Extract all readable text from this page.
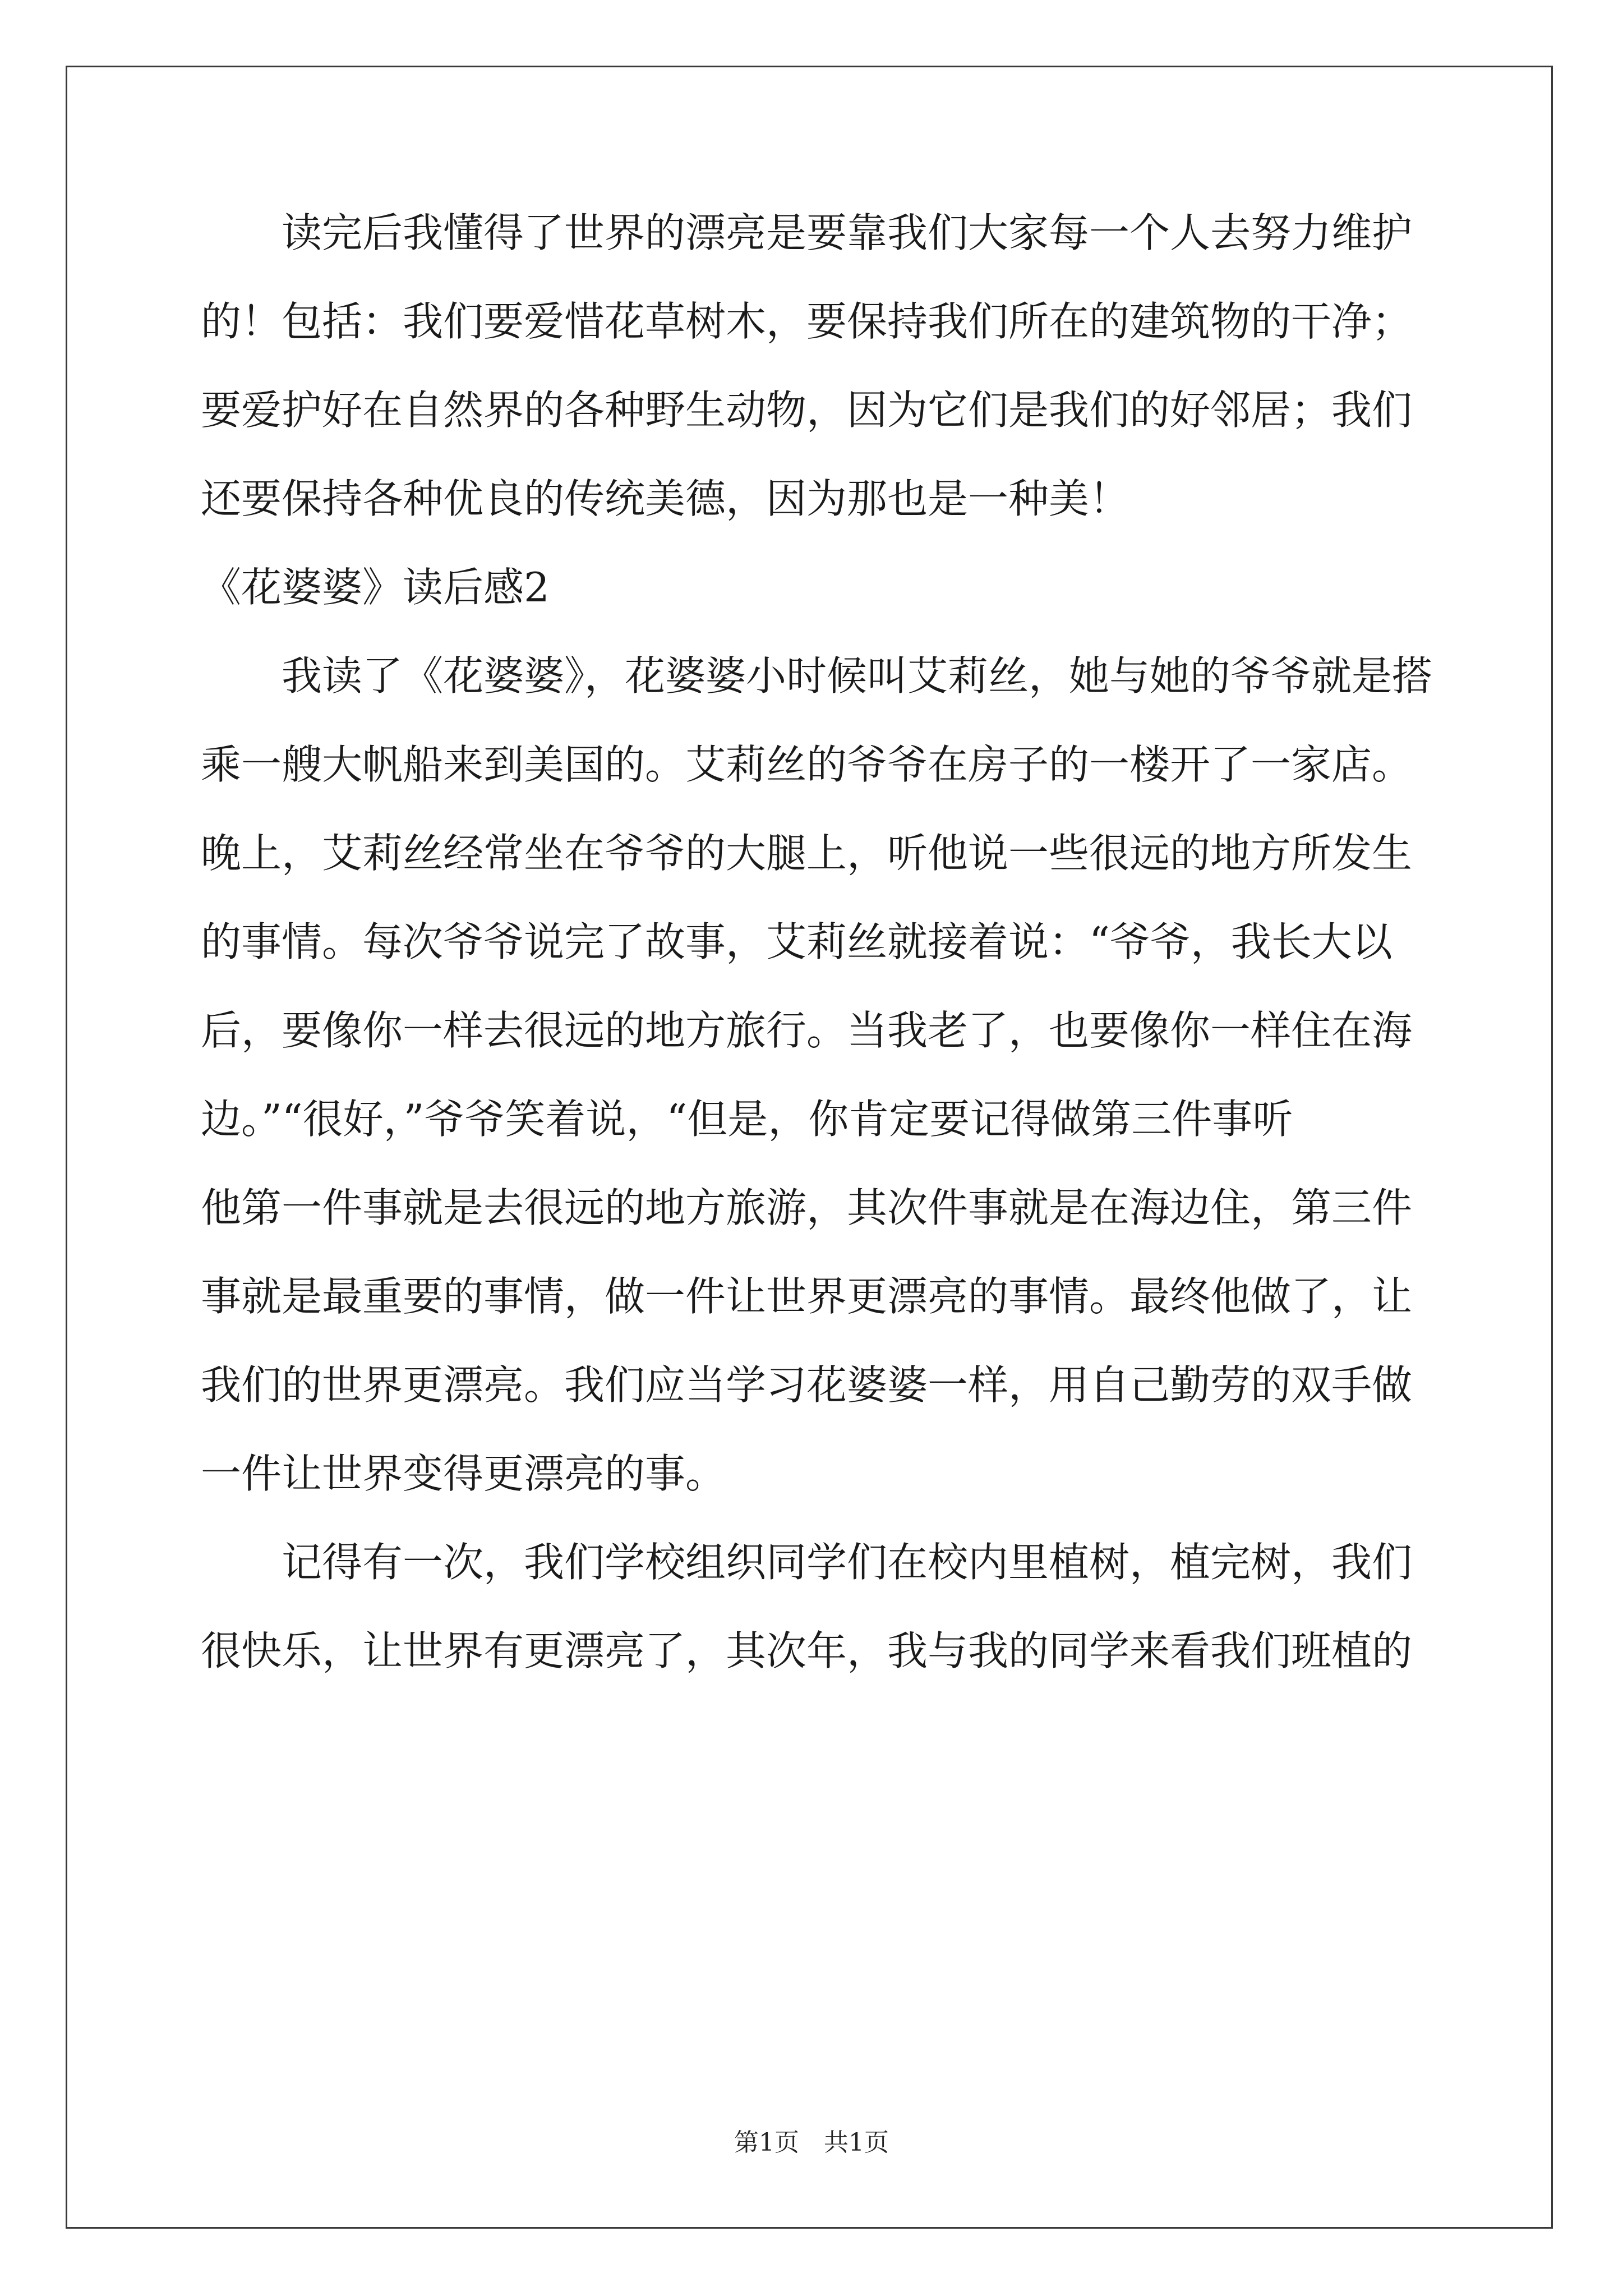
　　读完后我懂得了世界的漂亮是要靠我们大家每一个人去努力维护
的！包括：我们要爱惜花草树木，要保持我们所在的建筑物的干净；
要爱护好在自然界的各种野生动物，因为它们是我们的好邻居；我们
还要保持各种优良的传统美德，因为那也是一种美！
《花婆婆》读后感2
　　我读了《花婆婆》，花婆婆小时候叫艾莉丝，她与她的爷爷就是搭
乘一艘大帆船来到美国的。艾莉丝的爷爷在房子的一楼开了一家店。
晚上，艾莉丝经常坐在爷爷的大腿上，听他说一些很远的地方所发生
的事情。每次爷爷说完了故事，艾莉丝就接着说：“爷爷，我长大以
后，要像你一样去很远的地方旅行。当我老了，也要像你一样住在海
边。”“很好，”爷爷笑着说，“但是，你肯定要记得做第三件事听
他第一件事就是去很远的地方旅游，其次件事就是在海边住，第三件
事就是最重要的事情，做一件让世界更漂亮的事情。最终他做了，让
我们的世界更漂亮。我们应当学习花婆婆一样，用自己勤劳的双手做
一件让世界变得更漂亮的事。
　　记得有一次，我们学校组织同学们在校内里植树，植完树，我们
很快乐，让世界有更漂亮了，其次年，我与我的同学来看我们班植的
第1页　共1页
